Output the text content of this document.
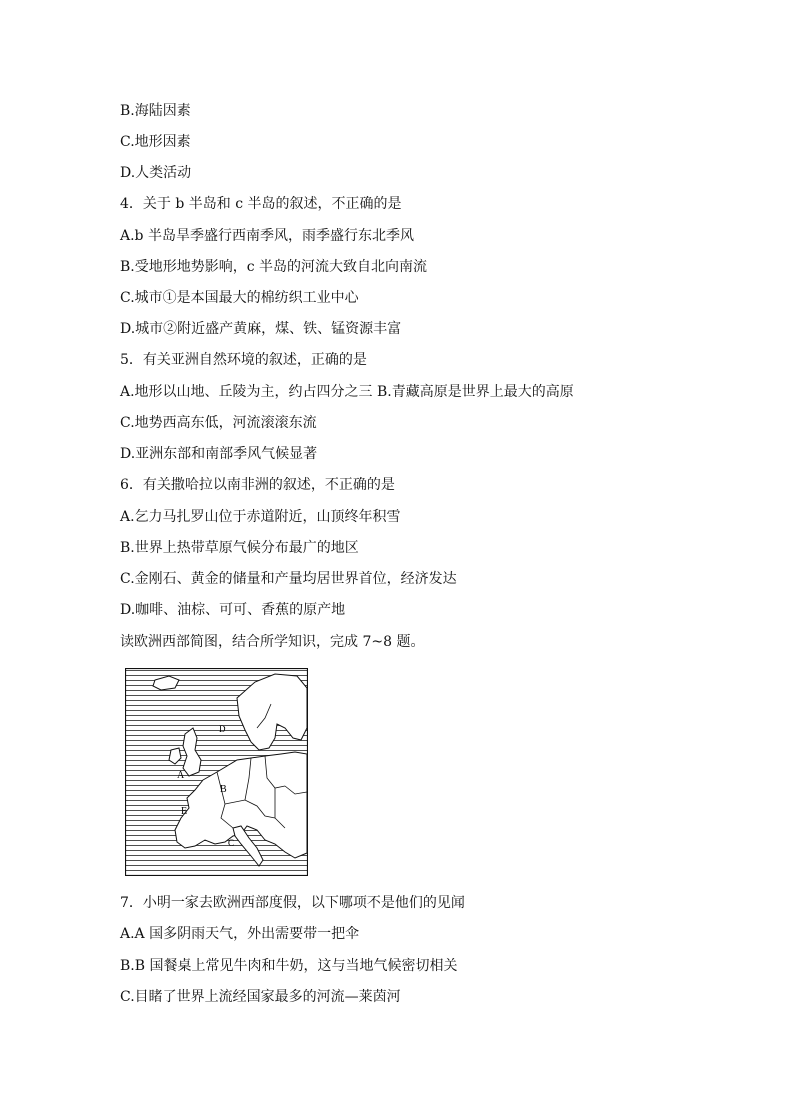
B.海陆因素
C.地形因素
D.人类活动
4．关于 b 半岛和 c 半岛的叙述，不正确的是
A.b 半岛旱季盛行西南季风，雨季盛行东北季风
B.受地形地势影响，c 半岛的河流大致自北向南流
C.城市①是本国最大的棉纺织工业中心
D.城市②附近盛产黄麻，煤、铁、锰资源丰富
5．有关亚洲自然环境的叙述，正确的是
A.地形以山地、丘陵为主，约占四分之三 B.青藏高原是世界上最大的高原
C.地势西高东低，河流滚滚东流
D.亚洲东部和南部季风气候显著
6．有关撒哈拉以南非洲的叙述，不正确的是
A.乞力马扎罗山位于赤道附近，山顶终年积雪
B.世界上热带草原气候分布最广的地区
C.金刚石、黄金的储量和产量均居世界首位，经济发达
D.咖啡、油棕、可可、香蕉的原产地
读欧洲西部简图，结合所学知识，完成 7~8 题。
A
B
C
D
E
7．小明一家去欧洲西部度假，以下哪项不是他们的见闻
A.A 国多阴雨天气，外出需要带一把伞
B.B 国餐桌上常见牛肉和牛奶，这与当地气候密切相关
C.目睹了世界上流经国家最多的河流—莱茵河
